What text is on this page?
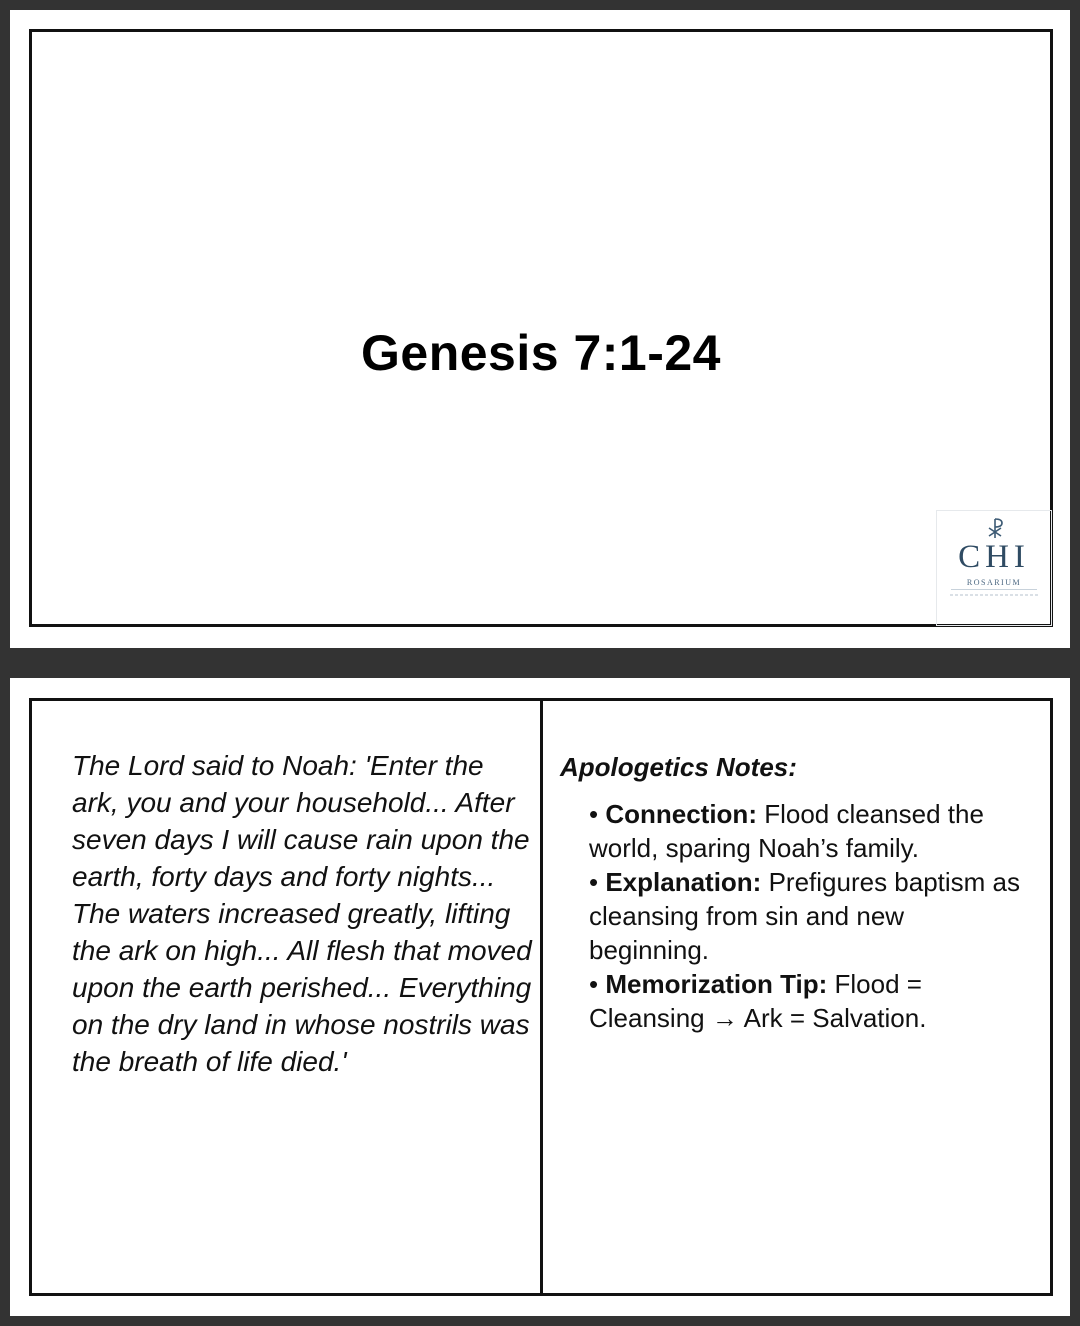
Genesis 7:1-24
CHI
ROSARIUM

The Lord said to Noah: 'Enter the ark, you and your household... After seven days I will cause rain upon the earth, forty days and forty nights... The waters increased greatly, lifting the ark on high... All flesh that moved upon the earth perished... Everything on the dry land in whose nostrils was the breath of life died.'

Apologetics Notes:
• Connection: Flood cleansed the world, sparing Noah’s family.
• Explanation: Prefigures baptism as cleansing from sin and new beginning.
• Memorization Tip: Flood = Cleansing → Ark = Salvation.
